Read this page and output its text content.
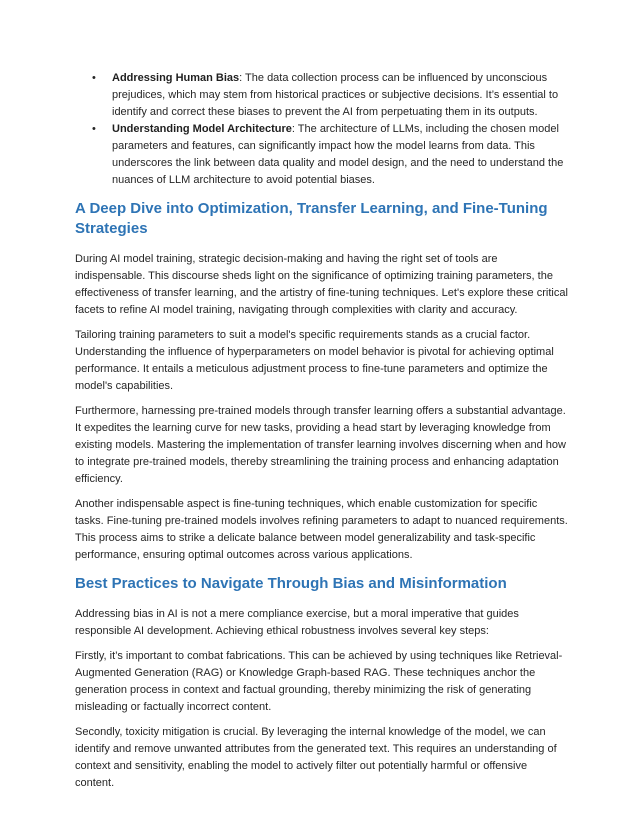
• Addressing Human Bias: The data collection process can be influenced by unconscious prejudices, which may stem from historical practices or subjective decisions. It’s essential to identify and correct these biases to prevent the AI from perpetuating them in its outputs.
• Understanding Model Architecture: The architecture of LLMs, including the chosen model parameters and features, can significantly impact how the model learns from data. This underscores the link between data quality and model design, and the need to understand the nuances of LLM architecture to avoid potential biases.
A Deep Dive into Optimization, Transfer Learning, and Fine-Tuning Strategies

During AI model training, strategic decision-making and having the right set of tools are indispensable. This discourse sheds light on the significance of optimizing training parameters, the effectiveness of transfer learning, and the artistry of fine-tuning techniques. Let's explore these critical facets to refine AI model training, navigating through complexities with clarity and accuracy.

Tailoring training parameters to suit a model's specific requirements stands as a crucial factor. Understanding the influence of hyperparameters on model behavior is pivotal for achieving optimal performance. It entails a meticulous adjustment process to fine-tune parameters and optimize the model's capabilities.

Furthermore, harnessing pre-trained models through transfer learning offers a substantial advantage. It expedites the learning curve for new tasks, providing a head start by leveraging knowledge from existing models. Mastering the implementation of transfer learning involves discerning when and how to integrate pre-trained models, thereby streamlining the training process and enhancing adaptation efficiency.

Another indispensable aspect is fine-tuning techniques, which enable customization for specific tasks. Fine-tuning pre-trained models involves refining parameters to adapt to nuanced requirements. This process aims to strike a delicate balance between model generalizability and task-specific performance, ensuring optimal outcomes across various applications.

Best Practices to Navigate Through Bias and Misinformation

Addressing bias in AI is not a mere compliance exercise, but a moral imperative that guides responsible AI development. Achieving ethical robustness involves several key steps:

Firstly, it’s important to combat fabrications. This can be achieved by using techniques like Retrieval-Augmented Generation (RAG) or Knowledge Graph-based RAG. These techniques anchor the generation process in context and factual grounding, thereby minimizing the risk of generating misleading or factually incorrect content.

Secondly, toxicity mitigation is crucial. By leveraging the internal knowledge of the model, we can identify and remove unwanted attributes from the generated text. This requires an understanding of context and sensitivity, enabling the model to actively filter out potentially harmful or offensive content.
